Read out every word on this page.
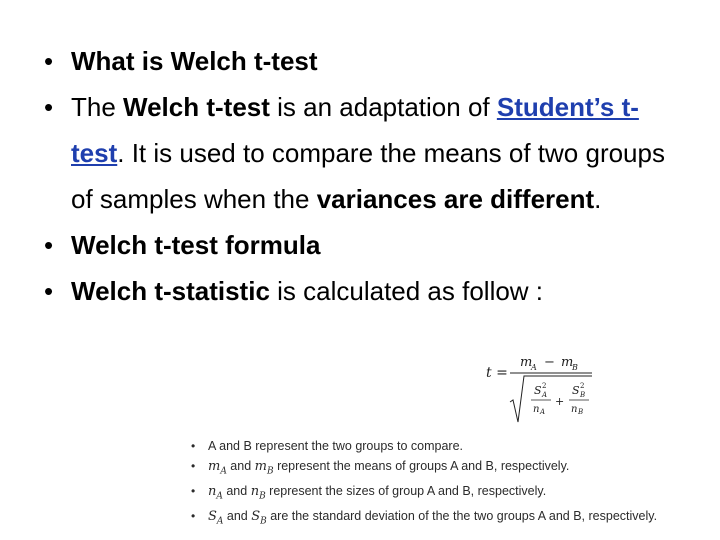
• What is Welch t-test
• The Welch t-test is an adaptation of Student’s t-test. It is used to compare the means of two groups of samples when the variances are different.
• Welch t-test formula
• Welch t-statistic is calculated as follow :
t =
m
A − m
B
S 2
A
n A
+
S 2
B
n B
• A and B represent the two groups to compare.
• $m_A$ and $m_B$ represent the means of groups A and B, respectively.
• $n_A$ and $n_B$ represent the sizes of group A and B, respectively.
• $S_A$ and $S_B$ are the standard deviation of the the two groups A and B, respectively.
